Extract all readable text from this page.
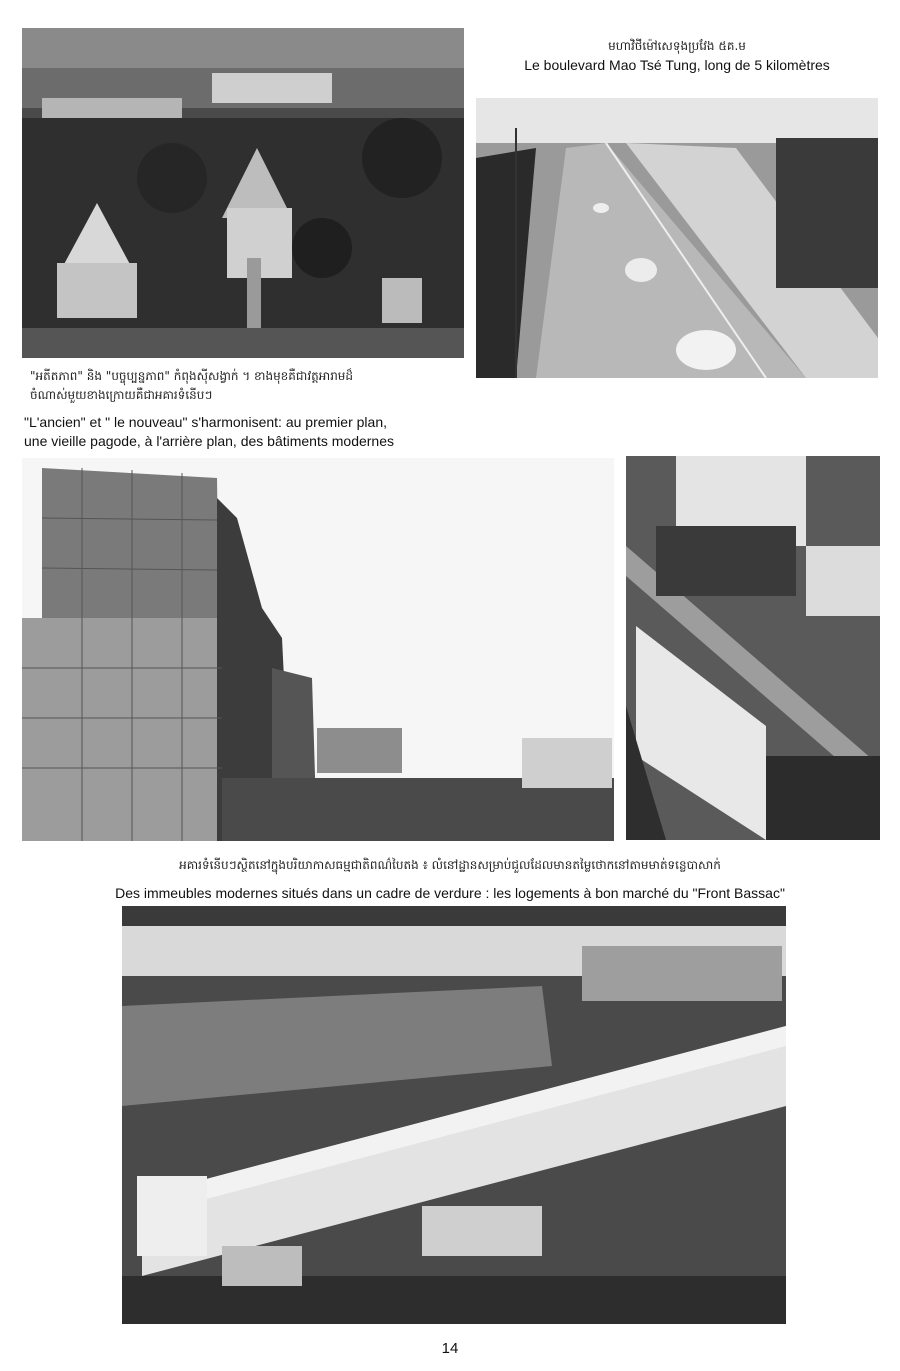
មហាវិថីម៉ៅសេទុងប្រវែង ៥គ.ម
Le boulevard Mao Tsé Tung, long de 5 kilomètres
"អតីតភាព" និង "បច្ចុប្បន្នភាព" កំពុងស៊ីសង្វាក់ ។ ខាងមុខគឺជាវត្តអារាមដ៏
ចំណាស់មួយខាងក្រោយគឺជាអគារទំនើបៗ
"L'ancien" et " le nouveau" s'harmonisent: au premier plan,
une vieille pagode, à l'arrière plan, des bâtiments modernes
អគារទំនើបៗស្ថិតនៅក្នុងបរិយាកាសធម្មជាតិពណ៌បៃតង ៖ លំនៅដ្ឋានសម្រាប់ជួលដែលមានតម្លៃថោកនៅតាមមាត់ទន្លេបាសាក់
Des immeubles modernes situés dans un cadre de verdure : les logements à bon marché du "Front Bassac"
14
